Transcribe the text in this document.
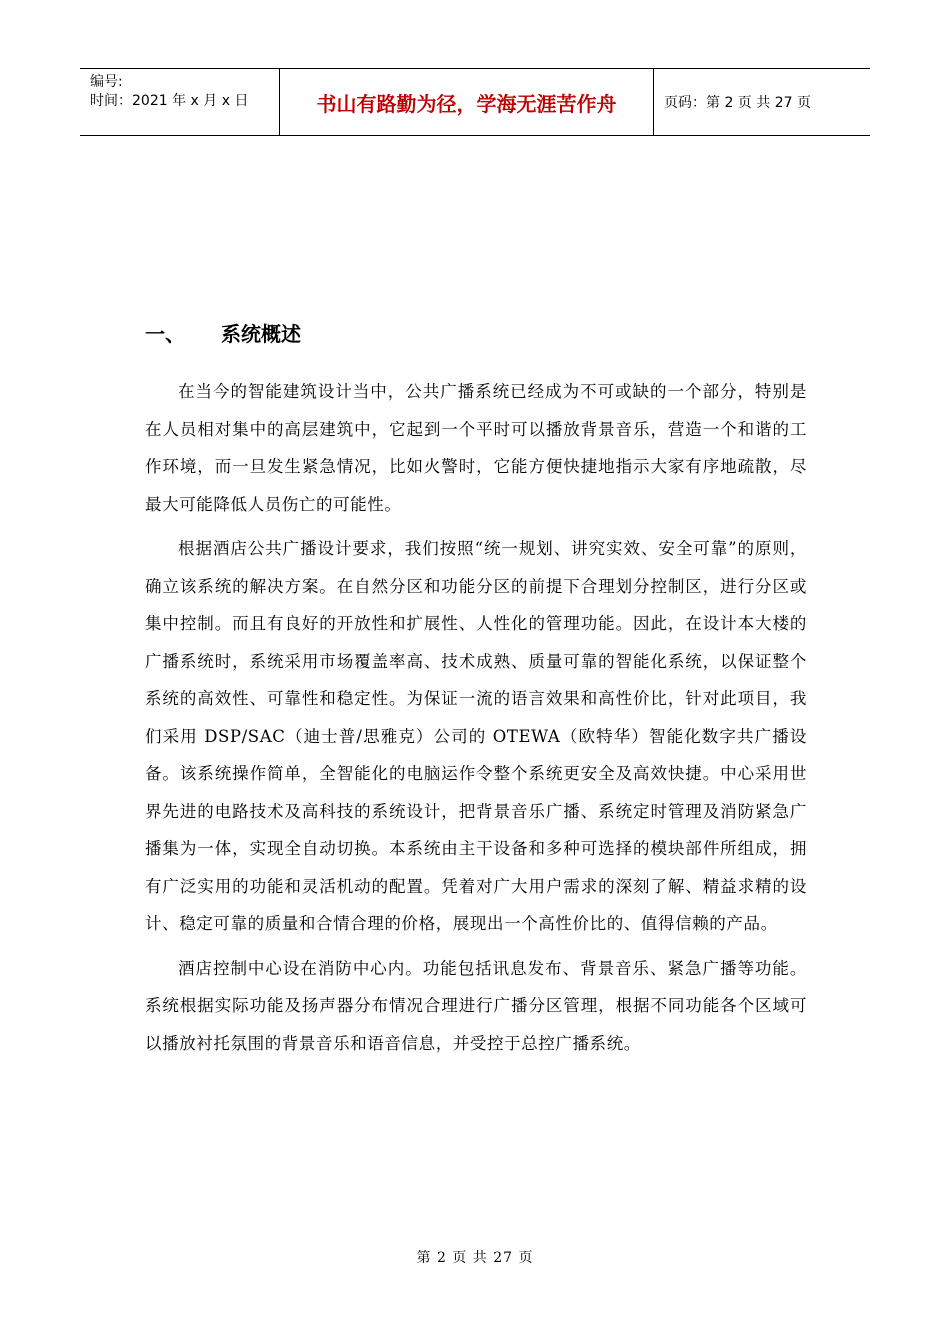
编号:
时间：2021 年 x 月 x 日	书山有路勤为径，学海无涯苦作舟	页码：第 2 页 共 27 页
一、	系统概述

在当今的智能建筑设计当中，公共广播系统已经成为不可或缺的一个部分，特别是在人员相对集中的高层建筑中，它起到一个平时可以播放背景音乐，营造一个和谐的工作环境，而一旦发生紧急情况，比如火警时，它能方便快捷地指示大家有序地疏散，尽最大可能降低人员伤亡的可能性。

根据酒店公共广播设计要求，我们按照“统一规划、讲究实效、安全可靠”的原则，确立该系统的解决方案。在自然分区和功能分区的前提下合理划分控制区，进行分区或集中控制。而且有良好的开放性和扩展性、人性化的管理功能。因此，在设计本大楼的广播系统时，系统采用市场覆盖率高、技术成熟、质量可靠的智能化系统，以保证整个系统的高效性、可靠性和稳定性。为保证一流的语言效果和高性价比，针对此项目，我们采用 DSP/SAC（迪士普/思雅克）公司的 OTEWA（欧特华）智能化数字共广播设备。该系统操作简单，全智能化的电脑运作令整个系统更安全及高效快捷。中心采用世界先进的电路技术及高科技的系统设计，把背景音乐广播、系统定时管理及消防紧急广播集为一体，实现全自动切换。本系统由主干设备和多种可选择的模块部件所组成，拥有广泛实用的功能和灵活机动的配置。凭着对广大用户需求的深刻了解、精益求精的设计、稳定可靠的质量和合情合理的价格，展现出一个高性价比的、值得信赖的产品。

酒店控制中心设在消防中心内。功能包括讯息发布、背景音乐、紧急广播等功能。系统根据实际功能及扬声器分布情况合理进行广播分区管理，根据不同功能各个区域可以播放衬托氛围的背景音乐和语音信息，并受控于总控广播系统。

第 2 页 共 27 页
